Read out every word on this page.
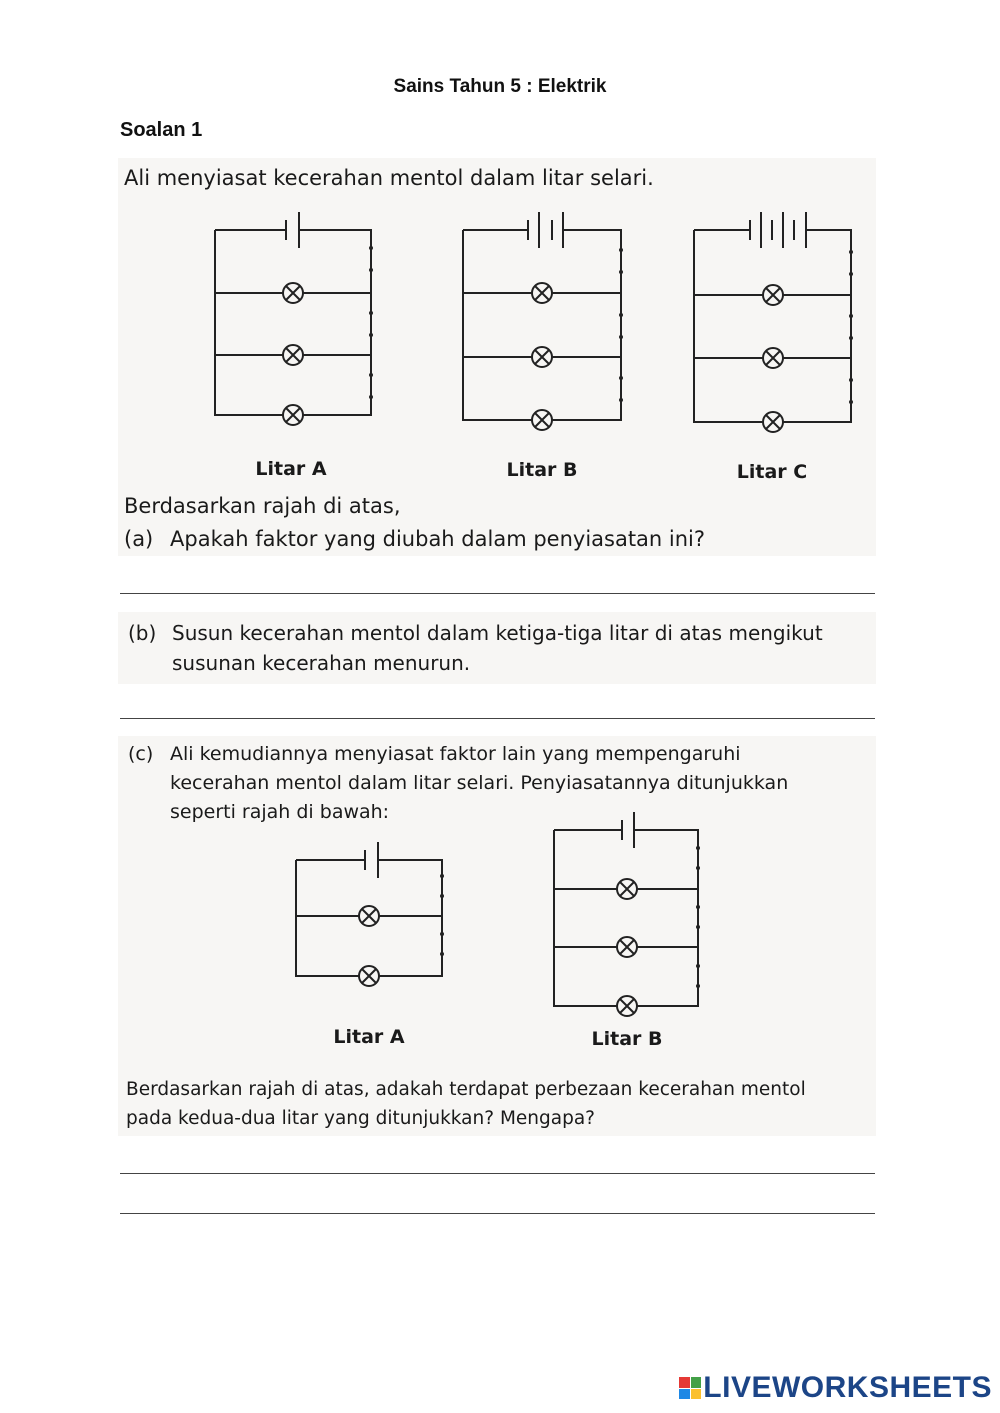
Sains Tahun 5 : Elektrik
Soalan 1
Ali menyiasat kecerahan mentol dalam litar selari.
Litar A	Litar B	Litar C
Berdasarkan rajah di atas,
(a) Apakah faktor yang diubah dalam penyiasatan ini?
(b) Susun kecerahan mentol dalam ketiga-tiga litar di atas mengikut
susunan kecerahan menurun.
(c) Ali kemudiannya menyiasat faktor lain yang mempengaruhi
kecerahan mentol dalam litar selari. Penyiasatannya ditunjukkan
seperti rajah di bawah:
Litar A	Litar B
Berdasarkan rajah di atas, adakah terdapat perbezaan kecerahan mentol
pada kedua-dua litar yang ditunjukkan? Mengapa?
LIVEWORKSHEETS
